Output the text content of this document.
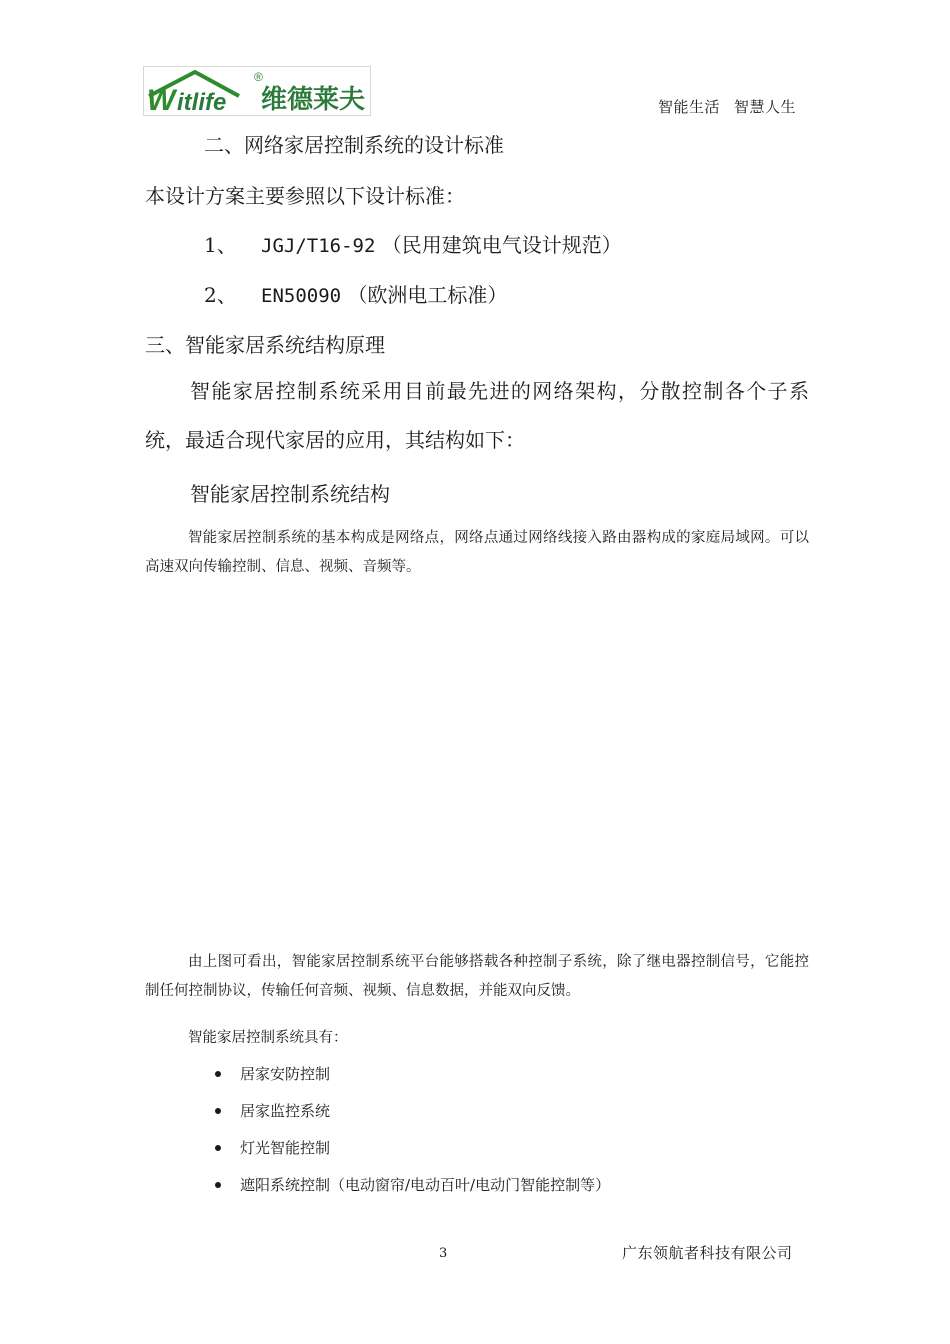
W itlife
®
维德莱夫	智能生活 智慧人生
二、网络家居控制系统的设计标准
本设计方案主要参照以下设计标准：
1、 JGJ/T16-92 （民用建筑电气设计规范）
2、 EN50090 （欧洲电工标准）
三、智能家居系统结构原理

智能家居控制系统采用目前最先进的网络架构，分散控制各个子系统，最适合现代家居的应用，其结构如下：

智能家居控制系统结构

智能家居控制系统的基本构成是网络点，网络点通过网络线接入路由器构成的家庭局域网。可以高速双向传输控制、信息、视频、音频等。

由上图可看出，智能家居控制系统平台能够搭载各种控制子系统，除了继电器控制信号，它能控制任何控制协议，传输任何音频、视频、信息数据，并能双向反馈。

智能家居控制系统具有：
居家安防控制
居家监控系统
灯光智能控制
遮阳系统控制（电动窗帘/电动百叶/电动门智能控制等）
3	广东领航者科技有限公司
